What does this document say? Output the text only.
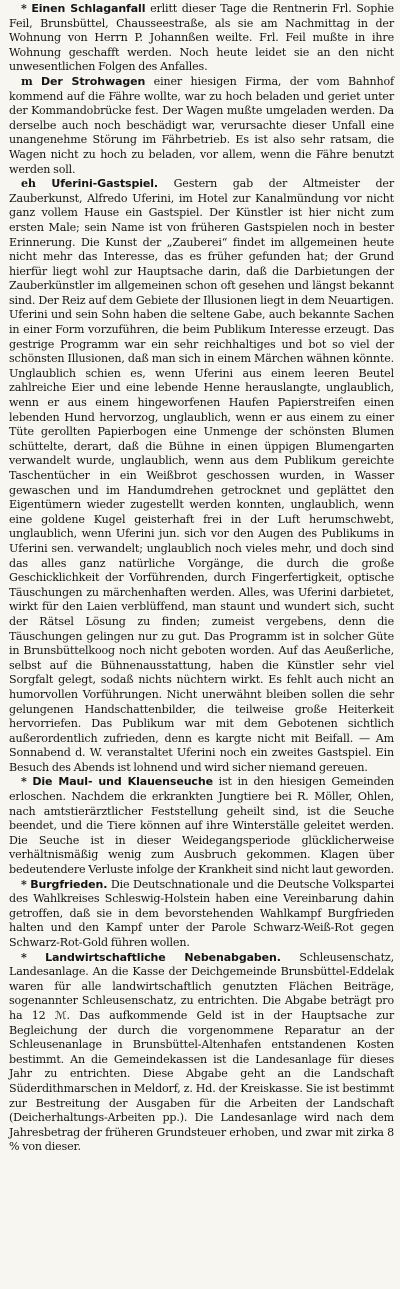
* Einen Schlaganfall erlitt dieser Tage die Rentnerin Frl. Sophie Feil, Brunsbüttel, Chausseestraße, als sie am Nachmittag in der Wohnung von Herrn P. Johannßen weilte. Frl. Feil mußte in ihre Wohnung geschafft werden. Noch heute leidet sie an den nicht unwesentlichen Folgen des Anfalles.

m Der Strohwagen einer hiesigen Firma, der vom Bahnhof kommend auf die Fähre wollte, war zu hoch beladen und geriet unter der Kommandobrücke fest. Der Wagen mußte umgeladen werden. Da derselbe auch noch beschädigt war, verursachte dieser Unfall eine unangenehme Störung im Fährbetrieb. Es ist also sehr ratsam, die Wagen nicht zu hoch zu beladen, vor allem, wenn die Fähre benutzt werden soll.

eh Uferini-Gastspiel. Gestern gab der Altmeister der Zauberkunst, Alfredo Uferini, im Hotel zur Kanalmündung vor nicht ganz vollem Hause ein Gastspiel. Der Künstler ist hier nicht zum ersten Male; sein Name ist von früheren Gastspielen noch in bester Erinnerung. Die Kunst der „Zauberei“ findet im allgemeinen heute nicht mehr das Interesse, das es früher gefunden hat; der Grund hierfür liegt wohl zur Hauptsache darin, daß die Darbietungen der Zauberkünstler im allgemeinen schon oft gesehen und längst bekannt sind. Der Reiz auf dem Gebiete der Illusionen liegt in dem Neuartigen. Uferini und sein Sohn haben die seltene Gabe, auch bekannte Sachen in einer Form vorzuführen, die beim Publikum Interesse erzeugt. Das gestrige Programm war ein sehr reichhaltiges und bot so viel der schönsten Illusionen, daß man sich in einem Märchen wähnen könnte. Unglaublich schien es, wenn Uferini aus einem leeren Beutel zahlreiche Eier und eine lebende Henne herauslangte, unglaublich, wenn er aus einem hingeworfenen Haufen Papierstreifen einen lebenden Hund hervorzog, unglaublich, wenn er aus einem zu einer Tüte gerollten Papierbogen eine Unmenge der schönsten Blumen schüttelte, derart, daß die Bühne in einen üppigen Blumengarten verwandelt wurde, unglaublich, wenn aus dem Publikum gereichte Taschentücher in ein Weißbrot geschossen wurden, in Wasser gewaschen und im Handumdrehen getrocknet und geplättet den Eigentümern wieder zugestellt werden konnten, unglaublich, wenn eine goldene Kugel geisterhaft frei in der Luft herumschwebt, unglaublich, wenn Uferini jun. sich vor den Augen des Publikums in Uferini sen. verwandelt; unglaublich noch vieles mehr, und doch sind das alles ganz natürliche Vorgänge, die durch die große Geschicklichkeit der Vorführenden, durch Fingerfertigkeit, optische Täuschungen zu märchenhaften werden. Alles, was Uferini darbietet, wirkt für den Laien verblüffend, man staunt und wundert sich, sucht der Rätsel Lösung zu finden; zumeist vergebens, denn die Täuschungen gelingen nur zu gut. Das Programm ist in solcher Güte in Brunsbüttelkoog noch nicht geboten worden. Auf das Aeußerliche, selbst auf die Bühnenausstattung, haben die Künstler sehr viel Sorgfalt gelegt, sodaß nichts nüchtern wirkt. Es fehlt auch nicht an humorvollen Vorführungen. Nicht unerwähnt bleiben sollen die sehr gelungenen Handschattenbilder, die teilweise große Heiterkeit hervorriefen. Das Publikum war mit dem Gebotenen sichtlich außerordentlich zufrieden, denn es kargte nicht mit Beifall. — Am Sonnabend d. W. veranstaltet Uferini noch ein zweites Gastspiel. Ein Besuch des Abends ist lohnend und wird sicher niemand gereuen.

* Die Maul- und Klauenseuche ist in den hiesigen Gemeinden erloschen. Nachdem die erkrankten Jungtiere bei R. Möller, Ohlen, nach amtstierärztlicher Feststellung geheilt sind, ist die Seuche beendet, und die Tiere können auf ihre Winterställe geleitet werden. Die Seuche ist in dieser Weidegangsperiode glücklicherweise verhältnismäßig wenig zum Ausbruch gekommen. Klagen über bedeutendere Verluste infolge der Krankheit sind nicht laut geworden.

* Burgfrieden. Die Deutschnationale und die Deutsche Volkspartei des Wahlkreises Schleswig-Holstein haben eine Vereinbarung dahin getroffen, daß sie in dem bevorstehenden Wahlkampf Burgfrieden halten und den Kampf unter der Parole Schwarz-Weiß-Rot gegen Schwarz-Rot-Gold führen wollen.

* Landwirtschaftliche Nebenabgaben. Schleusenschatz, Landesanlage. An die Kasse der Deichgemeinde Brunsbüttel-Eddelak waren für alle landwirtschaftlich genutzten Flächen Beiträge, sogenannter Schleusenschatz, zu entrichten. Die Abgabe beträgt pro ha 12 ℳ. Das aufkommende Geld ist in der Hauptsache zur Begleichung der durch die vorgenommene Reparatur an der Schleusenanlage in Brunsbüttel-Altenhafen entstandenen Kosten bestimmt. An die Gemeindekassen ist die Landesanlage für dieses Jahr zu entrichten. Diese Abgabe geht an die Landschaft Süderdithmarschen in Meldorf, z. Hd. der Kreiskasse. Sie ist bestimmt zur Bestreitung der Ausgaben für die Arbeiten der Landschaft (Deicherhaltungs-Arbeiten pp.). Die Landesanlage wird nach dem Jahresbetrag der früheren Grundsteuer erhoben, und zwar mit zirka 8 % von dieser.
